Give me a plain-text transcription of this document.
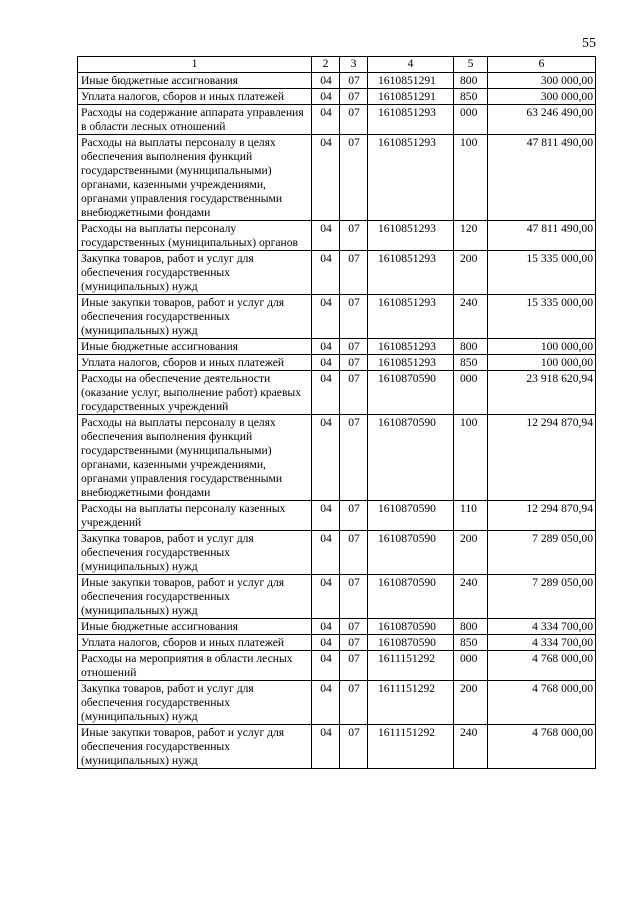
55
1	2	3	4	5	6
Иные бюджетные ассигнования	04	07	1610851291	800	300 000,00
Уплата налогов, сборов и иных платежей	04	07	1610851291	850	300 000,00
Расходы на содержание аппарата управления в области лесных отношений	04	07	1610851293	000	63 246 490,00
Расходы на выплаты персоналу в целях обеспечения выполнения функций государственными (муниципальными) органами, казенными учреждениями, органами управления государственными внебюджетными фондами	04	07	1610851293	100	47 811 490,00
Расходы на выплаты персоналу государственных (муниципальных) органов	04	07	1610851293	120	47 811 490,00
Закупка товаров, работ и услуг для обеспечения государственных (муниципальных) нужд	04	07	1610851293	200	15 335 000,00
Иные закупки товаров, работ и услуг для обеспечения государственных (муниципальных) нужд	04	07	1610851293	240	15 335 000,00
Иные бюджетные ассигнования	04	07	1610851293	800	100 000,00
Уплата налогов, сборов и иных платежей	04	07	1610851293	850	100 000,00
Расходы на обеспечение деятельности (оказание услуг, выполнение работ) краевых государственных учреждений	04	07	1610870590	000	23 918 620,94
Расходы на выплаты персоналу в целях обеспечения выполнения функций государственными (муниципальными) органами, казенными учреждениями, органами управления государственными внебюджетными фондами	04	07	1610870590	100	12 294 870,94
Расходы на выплаты персоналу казенных учреждений	04	07	1610870590	110	12 294 870,94
Закупка товаров, работ и услуг для обеспечения государственных (муниципальных) нужд	04	07	1610870590	200	7 289 050,00
Иные закупки товаров, работ и услуг для обеспечения государственных (муниципальных) нужд	04	07	1610870590	240	7 289 050,00
Иные бюджетные ассигнования	04	07	1610870590	800	4 334 700,00
Уплата налогов, сборов и иных платежей	04	07	1610870590	850	4 334 700,00
Расходы на мероприятия в области лесных отношений	04	07	1611151292	000	4 768 000,00
Закупка товаров, работ и услуг для обеспечения государственных (муниципальных) нужд	04	07	1611151292	200	4 768 000,00
Иные закупки товаров, работ и услуг для обеспечения государственных (муниципальных) нужд	04	07	1611151292	240	4 768 000,00
